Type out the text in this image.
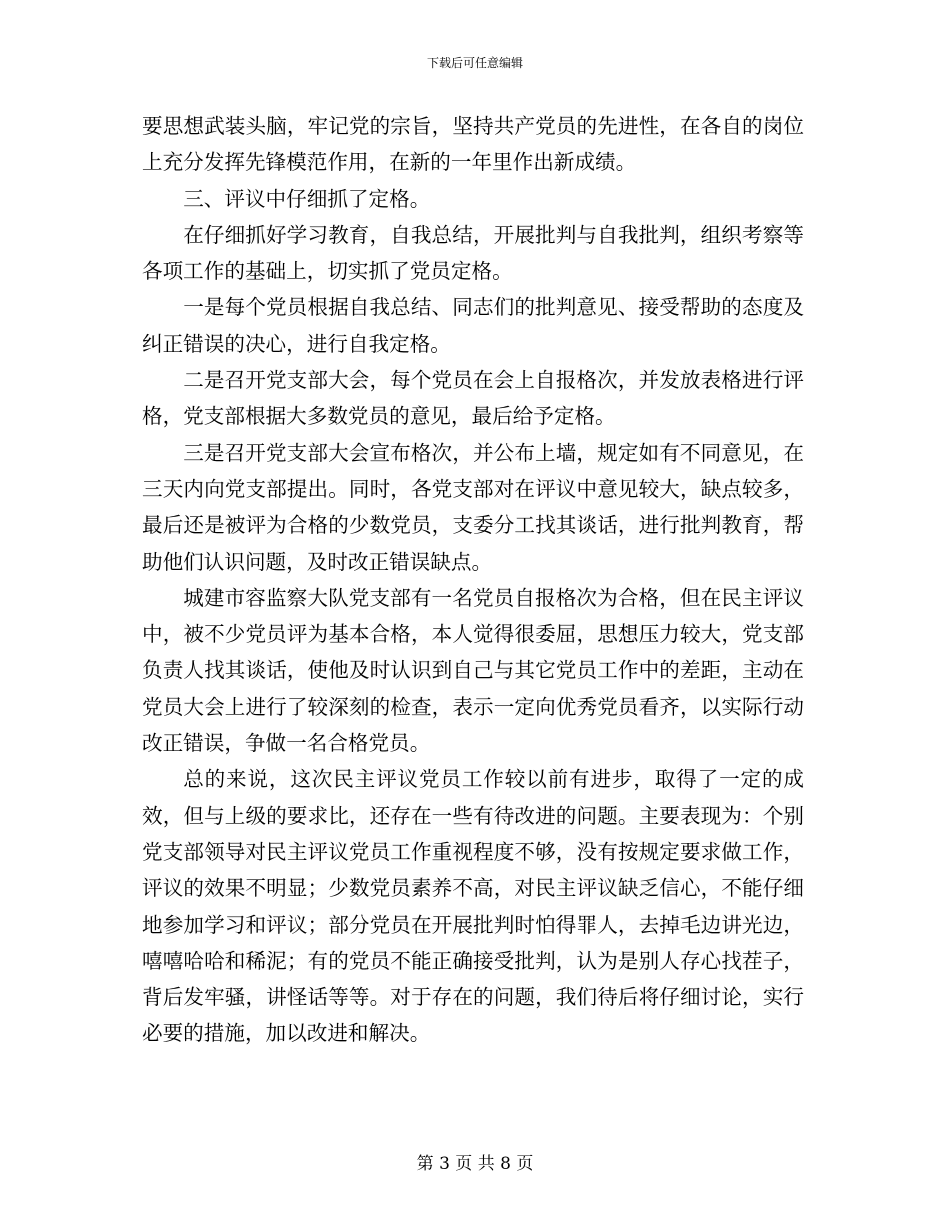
下载后可任意编辑

要思想武装头脑，牢记党的宗旨，坚持共产党员的先进性，在各自的岗位上充分发挥先锋模范作用，在新的一年里作出新成绩。

三、评议中仔细抓了定格。

在仔细抓好学习教育，自我总结，开展批判与自我批判，组织考察等各项工作的基础上，切实抓了党员定格。

一是每个党员根据自我总结、同志们的批判意见、接受帮助的态度及纠正错误的决心，进行自我定格。

二是召开党支部大会，每个党员在会上自报格次，并发放表格进行评格，党支部根据大多数党员的意见，最后给予定格。

三是召开党支部大会宣布格次，并公布上墙，规定如有不同意见，在三天内向党支部提出。同时，各党支部对在评议中意见较大，缺点较多，最后还是被评为合格的少数党员，支委分工找其谈话，进行批判教育，帮助他们认识问题，及时改正错误缺点。

城建市容监察大队党支部有一名党员自报格次为合格，但在民主评议中，被不少党员评为基本合格，本人觉得很委屈，思想压力较大，党支部负责人找其谈话，使他及时认识到自己与其它党员工作中的差距，主动在党员大会上进行了较深刻的检查，表示一定向优秀党员看齐，以实际行动改正错误，争做一名合格党员。

总的来说，这次民主评议党员工作较以前有进步，取得了一定的成效，但与上级的要求比，还存在一些有待改进的问题。主要表现为：个别党支部领导对民主评议党员工作重视程度不够，没有按规定要求做工作，评议的效果不明显；少数党员素养不高，对民主评议缺乏信心，不能仔细地参加学习和评议；部分党员在开展批判时怕得罪人，去掉毛边讲光边，嘻嘻哈哈和稀泥；有的党员不能正确接受批判，认为是别人存心找茬子，背后发牢骚，讲怪话等等。对于存在的问题，我们待后将仔细讨论，实行必要的措施，加以改进和解决。

第 3 页 共 8 页
